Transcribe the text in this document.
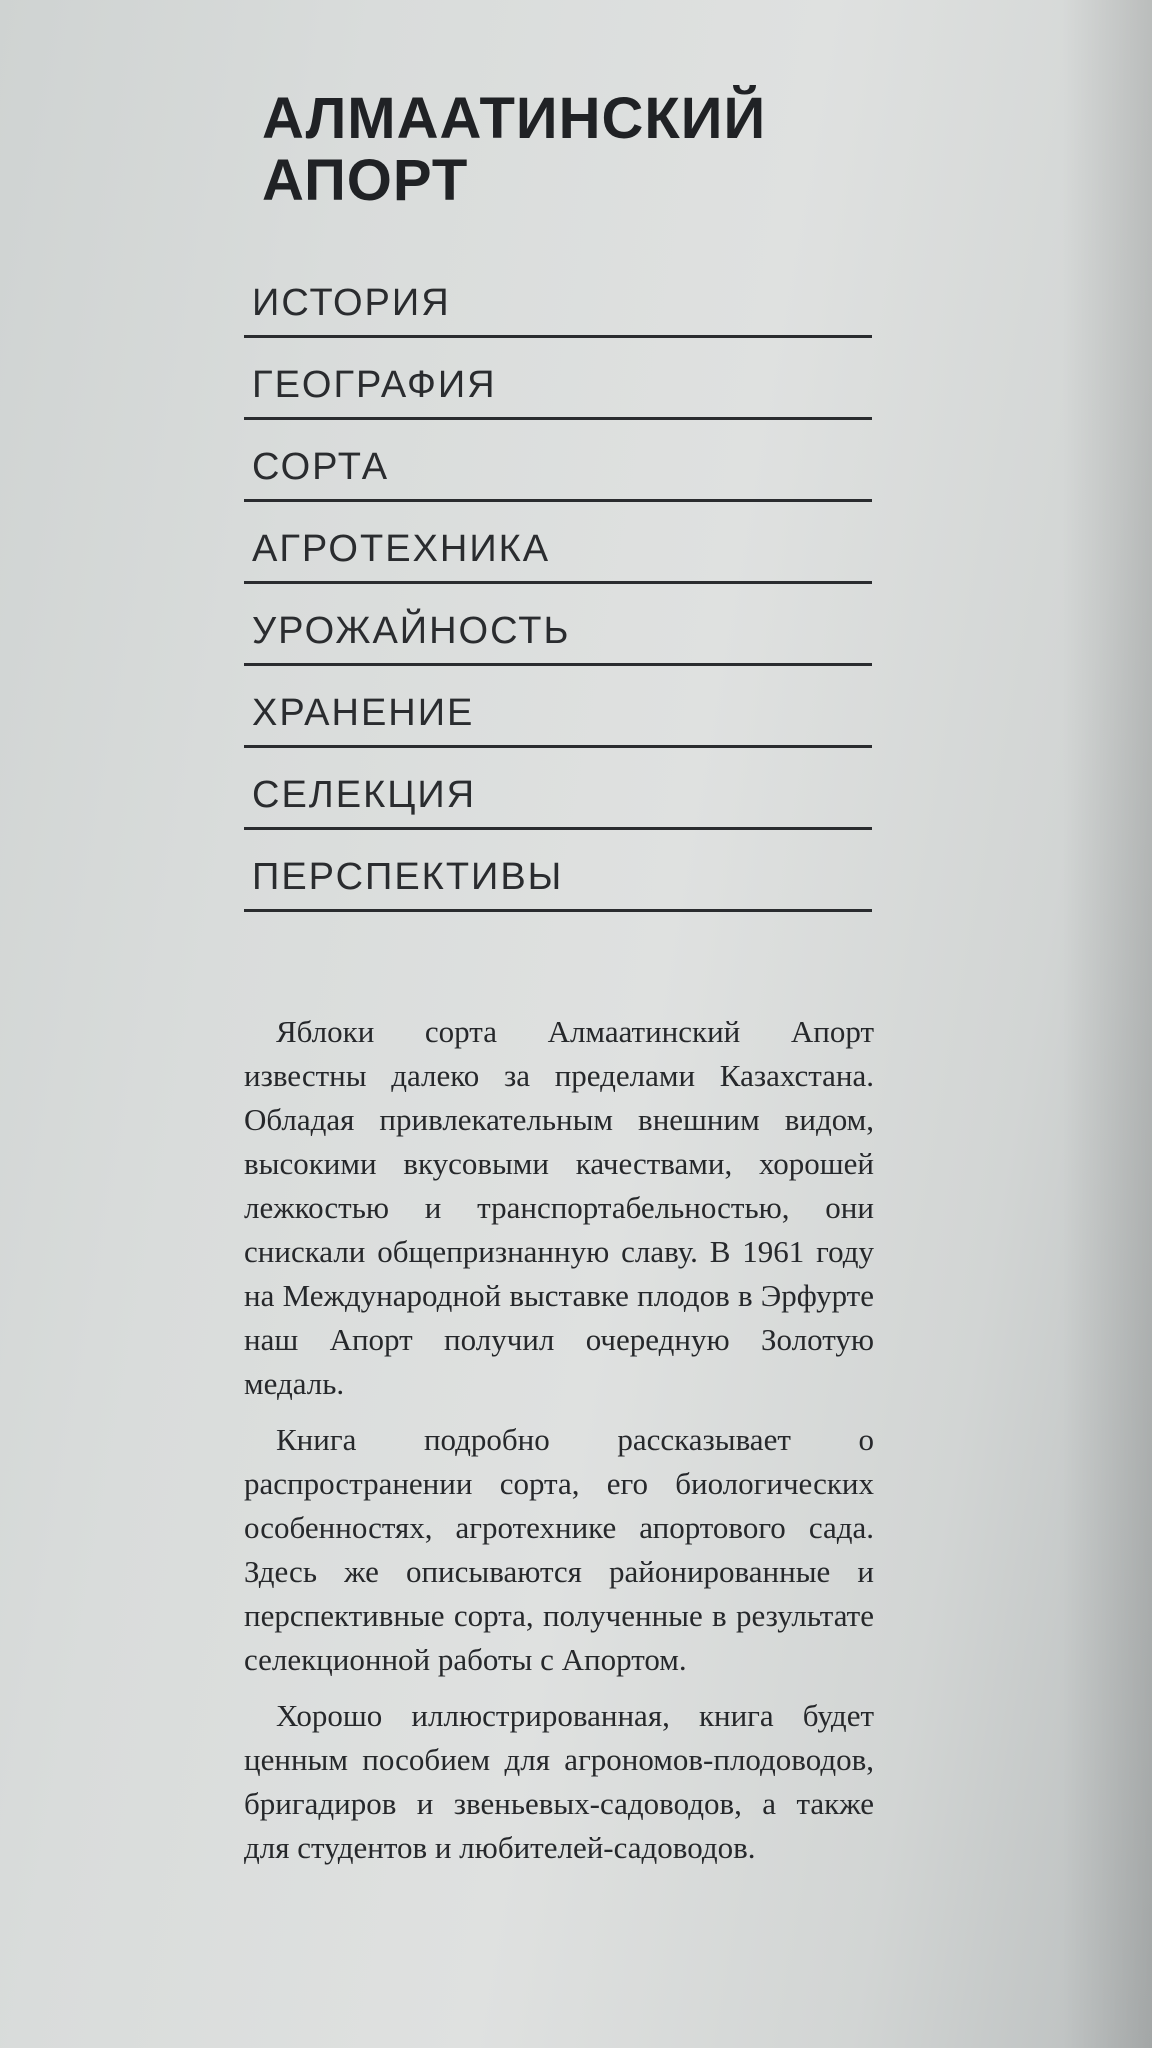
АЛМААТИНСКИЙ
АПОРТ
ИСТОРИЯ
ГЕОГРАФИЯ
СОРТА
АГРОТЕХНИКА
УРОЖАЙНОСТЬ
ХРАНЕНИЕ
СЕЛЕКЦИЯ
ПЕРСПЕКТИВЫ

Яблоки сорта Алмаатинский Апорт известны далеко за пределами Казахстана. Обладая привлекательным внешним видом, высокими вкусовыми качествами, хорошей лежкостью и транспортабельностью, они снискали общепризнанную славу. В 1961 году на Международной выставке плодов в Эрфурте наш Апорт получил очередную Золотую медаль.

Книга подробно рассказывает о распространении сорта, его биологических особенностях, агротехнике апортового сада. Здесь же описываются районированные и перспективные сорта, полученные в результате селекционной работы с Апортом.

Хорошо иллюстрированная, книга будет ценным пособием для агрономов-плодоводов, бригадиров и звеньевых-садоводов, а также для студентов и любителей-садоводов.
